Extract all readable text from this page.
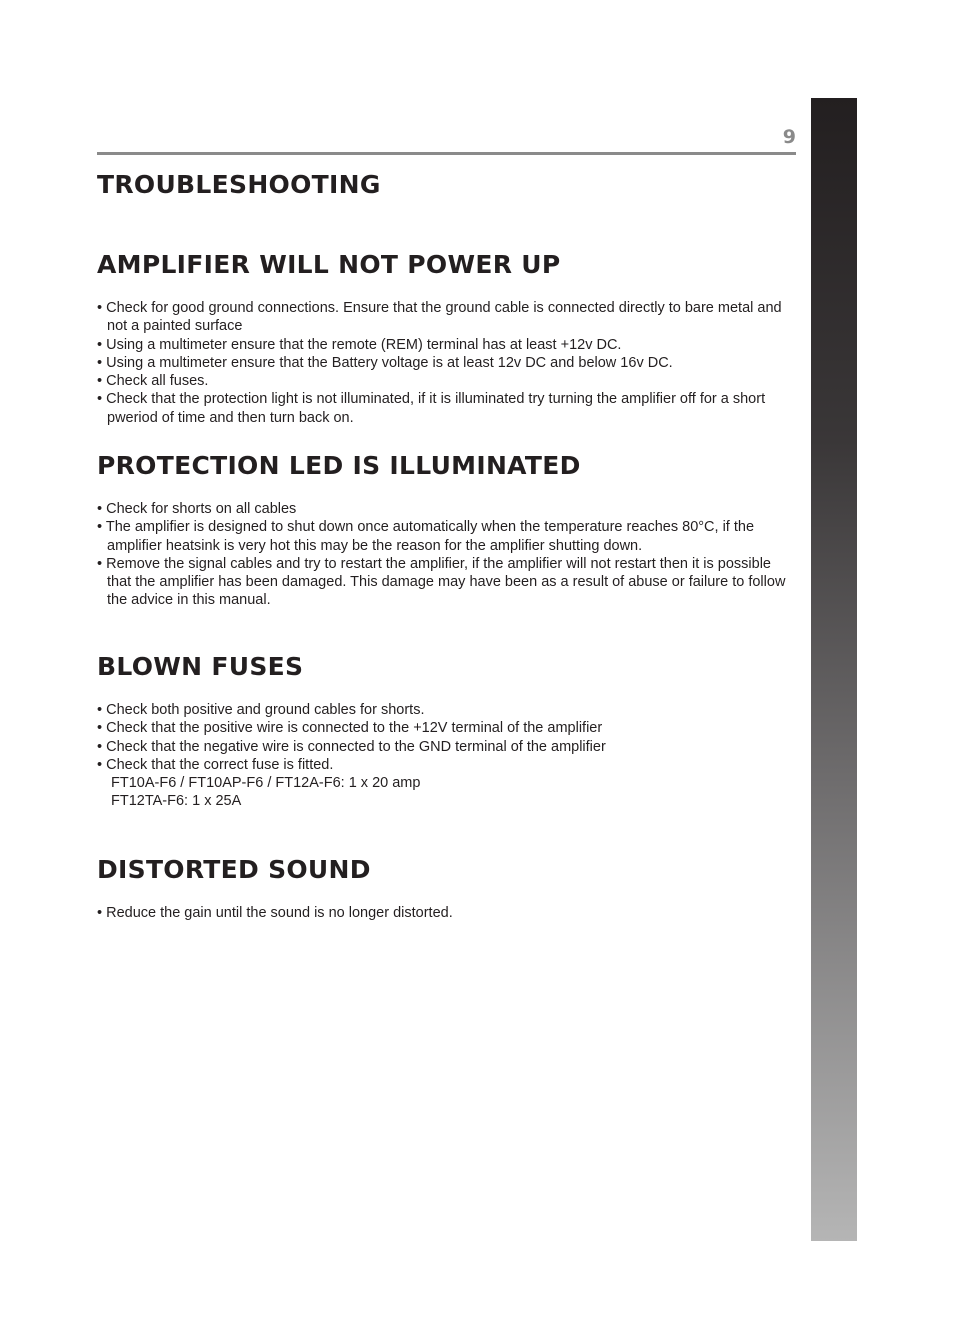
9
TROUBLESHOOTING
AMPLIFIER WILL NOT POWER UP
• Check for good ground connections. Ensure that the ground cable is connected directly to bare metal and not a painted surface
• Using a multimeter ensure that the remote (REM) terminal has at least +12v DC.
• Using a multimeter ensure that the Battery voltage is at least 12v DC and below 16v DC.
• Check all fuses.
• Check that the protection light is not illuminated, if it is illuminated try turning the amplifier off for a short pweriod of time and then turn back on.
PROTECTION LED IS ILLUMINATED
• Check for shorts on all cables
• The amplifier is designed to shut down once automatically when the temperature reaches 80°C, if the amplifier heatsink is very hot this may be the reason for the amplifier shutting down.
• Remove the signal cables and try to restart the amplifier, if the amplifier will not restart then it is possible that the amplifier has been damaged. This damage may have been as a result of abuse or failure to follow the advice in this manual.
BLOWN FUSES
• Check both positive and ground cables for shorts.
• Check that the positive wire is connected to the +12V terminal of the amplifier
• Check that the negative wire is connected to the GND terminal of the amplifier
• Check that the correct fuse is fitted.
FT10A-F6 / FT10AP-F6 / FT12A-F6: 1 x 20 amp
FT12TA-F6: 1 x 25A
DISTORTED SOUND
• Reduce the gain until the sound is no longer distorted.
